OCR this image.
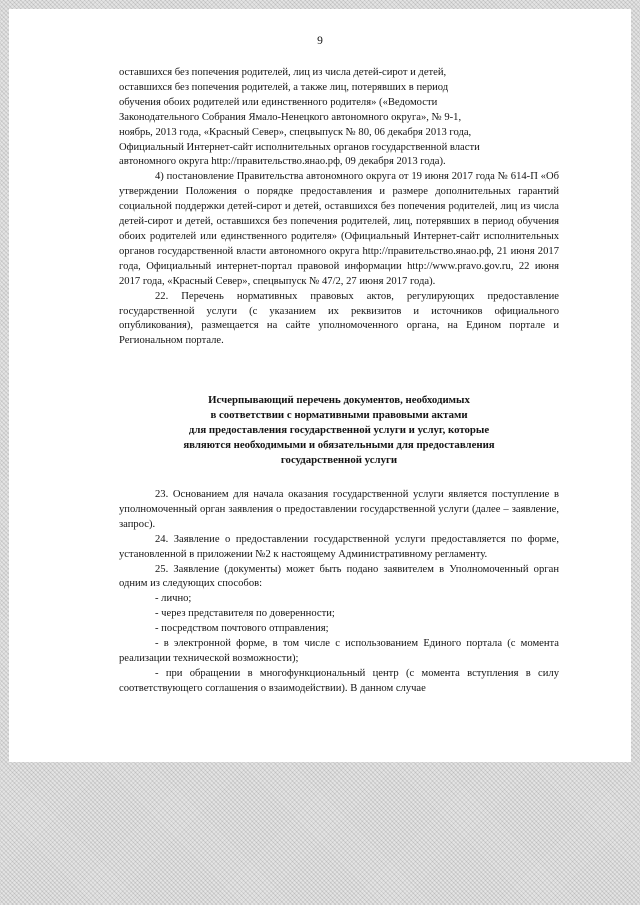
9

оставшихся без попечения родителей, лиц из числа детей-сирот и детей,

оставшихся без попечения родителей, а также лиц, потерявших в период

обучения обоих родителей или единственного родителя» («Ведомости

Законодательного Собрания Ямало-Ненецкого автономного округа», № 9-1,

ноябрь, 2013 года, «Красный Север», спецвыпуск № 80, 06 декабря 2013 года,

Официальный Интернет-сайт исполнительных органов государственной власти

автономного округа http://правительство.янао.рф, 09 декабря 2013 года).

4) постановление Правительства автономного округа от 19 июня 2017 года № 614-П «Об утверждении Положения о порядке предоставления и размере дополнительных гарантий социальной поддержки детей-сирот и детей, оставшихся без попечения родителей, лиц из числа детей-сирот и детей, оставшихся без попечения родителей, лиц, потерявших в период обучения обоих родителей или единственного родителя» (Официальный Интернет-сайт исполнительных органов государственной власти автономного округа http://правительство.янао.рф, 21 июня 2017 года, Официальный интернет-портал правовой информации http://www.pravo.gov.ru, 22 июня 2017 года, «Красный Север», спецвыпуск № 47/2, 27 июня 2017 года).

22. Перечень нормативных правовых актов, регулирующих предоставление государственной услуги (с указанием их реквизитов и источников официального опубликования), размещается на сайте уполномоченного органа, на Едином портале и Региональном портале.

Исчерпывающий перечень документов, необходимых
в соответствии с нормативными правовыми актами
для предоставления государственной услуги и услуг, которые
являются необходимыми и обязательными для предоставления
государственной услуги

23. Основанием для начала оказания государственной услуги является поступление в уполномоченный орган заявления о предоставлении государственной услуги (далее – заявление, запрос).

24. Заявление о предоставлении государственной услуги предоставляется по форме, установленной в приложении №2 к настоящему Административному регламенту.

25. Заявление (документы) может быть подано заявителем в Уполномоченный орган одним из следующих способов:

- лично;

- через представителя по доверенности;

- посредством почтового отправления;

- в электронной форме, в том числе с использованием Единого портала (с момента реализации технической возможности);

- при обращении в многофункциональный центр (с момента вступления в силу соответствующего соглашения о взаимодействии). В данном случае
